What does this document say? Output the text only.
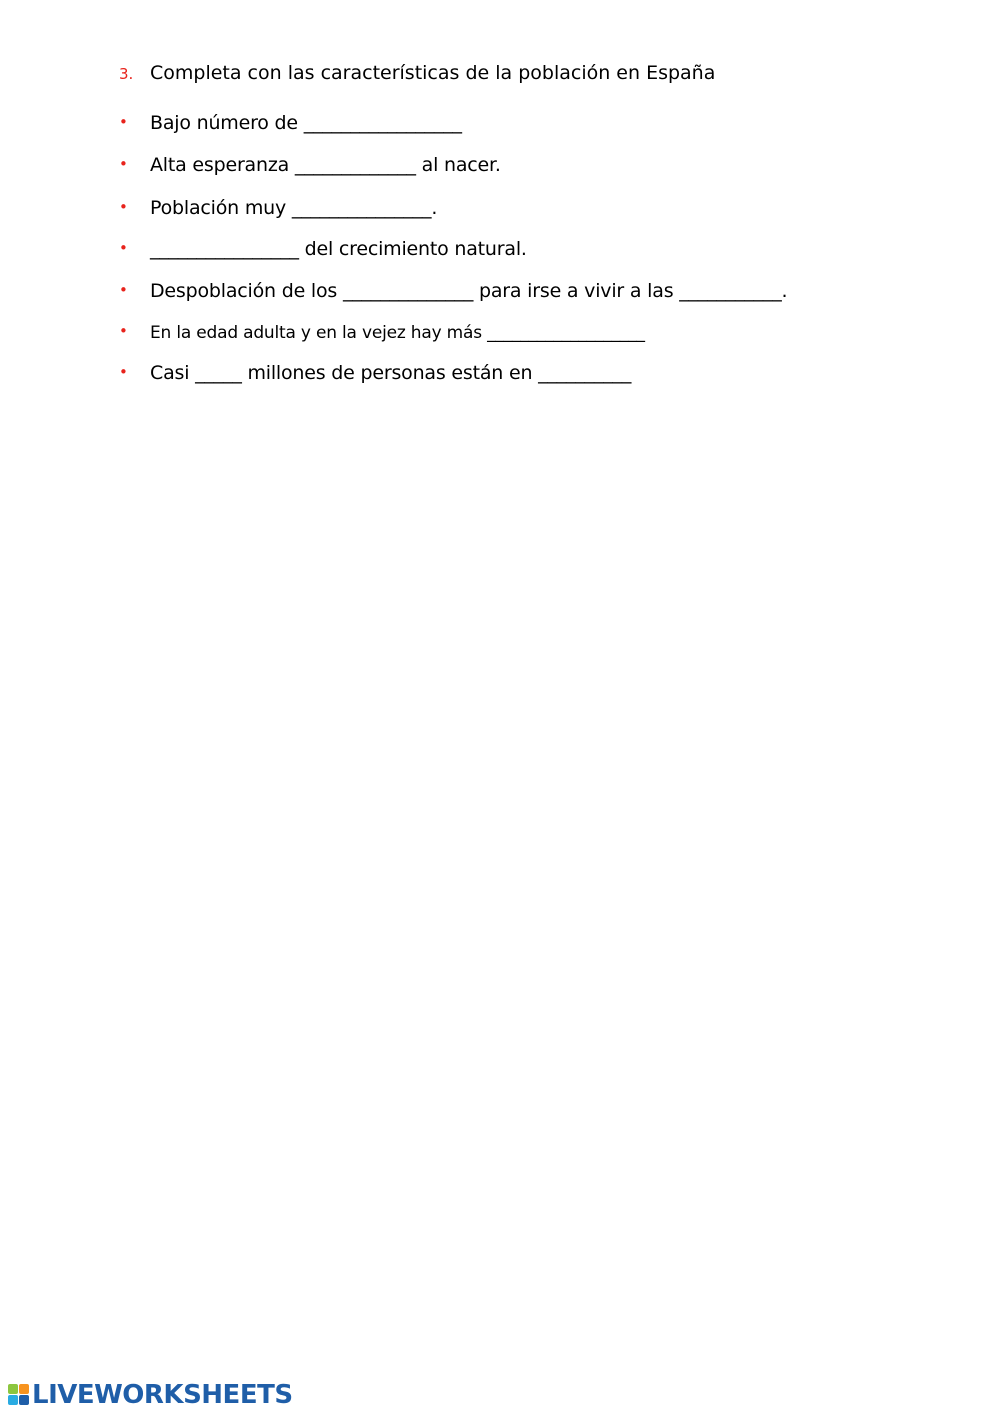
3. Completa con las características de la población en España
• Bajo número de _________________
• Alta esperanza _____________ al nacer.
• Población muy _______________.
• ________________ del crecimiento natural.
• Despoblación de los ______________ para irse a vivir a las ___________.
• En la edad adulta y en la vejez hay más ___________________
• Casi _____ millones de personas están en __________
LIVEWORKSHEETS
